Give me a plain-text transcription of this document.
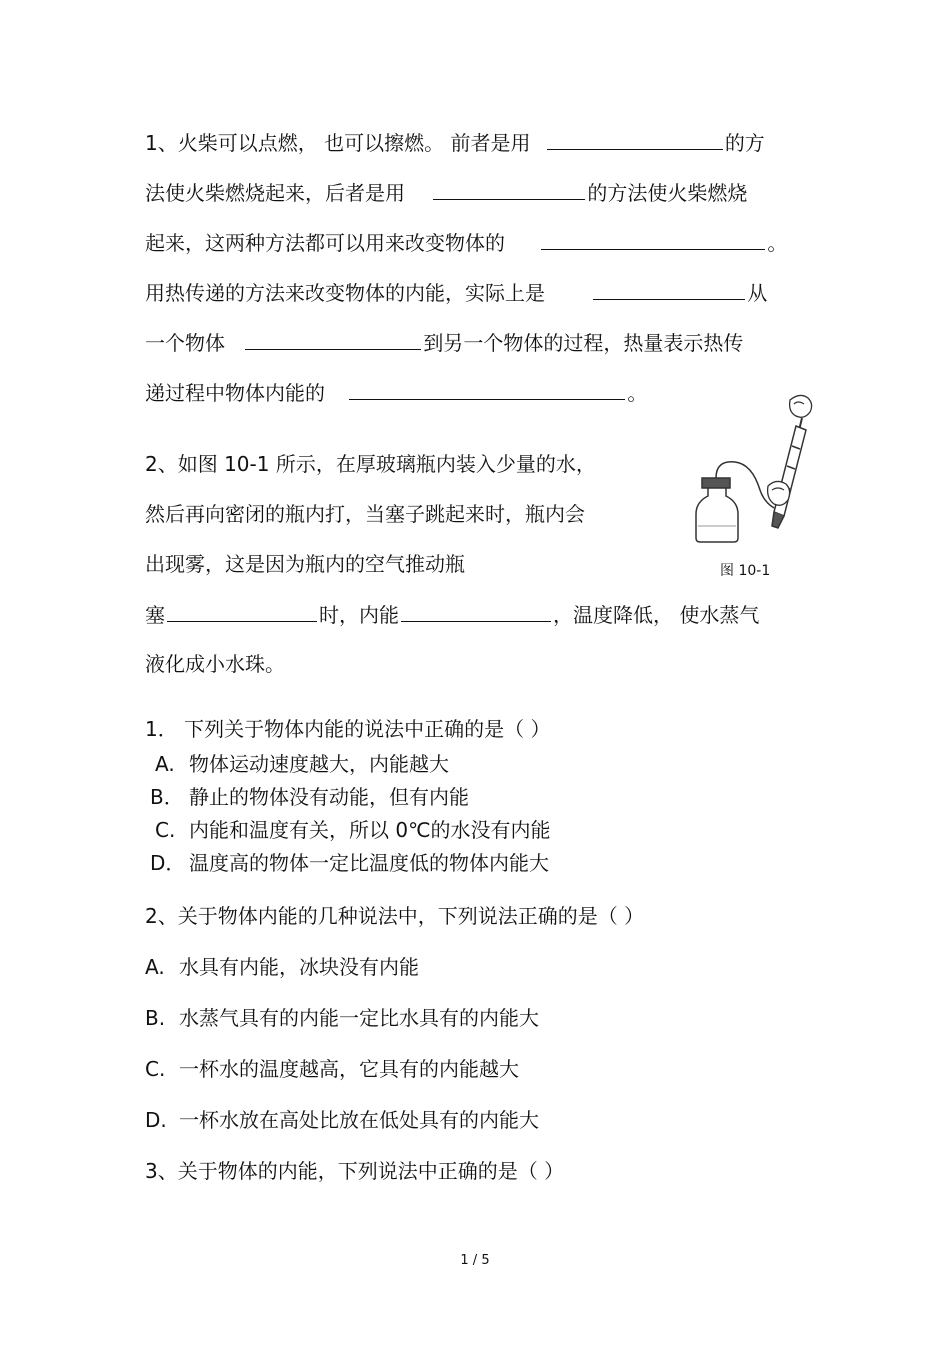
1、火柴可以点燃， 也可以擦燃。 前者是用	的方
法使火柴燃烧起来，后者是用	的方法使火柴燃烧
起来，这两种方法都可以用来改变物体的	。
用热传递的方法来改变物体的内能，实际上是	从
一个物体	到另一个物体的过程，热量表示热传
递过程中物体内能的	。
2、如图 10-1 所示，在厚玻璃瓶内装入少量的水，
然后再向密闭的瓶内打，当塞子跳起来时，瓶内会
出现雾，这是因为瓶内的空气推动瓶
塞	时，内能	，温度降低， 使水蒸气
液化成小水珠。
图 10-1
1． 下列关于物体内能的说法中正确的是（ ）
A. 物体运动速度越大，内能越大
B． 静止的物体没有动能，但有内能
C. 内能和温度有关，所以 0℃的水没有内能
D． 温度高的物体一定比温度低的物体内能大
2、关于物体内能的几种说法中，下列说法正确的是（ ）
A. 水具有内能，冰块没有内能
B. 水蒸气具有的内能一定比水具有的内能大
C. 一杯水的温度越高，它具有的内能越大
D. 一杯水放在高处比放在低处具有的内能大
3、关于物体的内能，下列说法中正确的是（ ）
1 / 5
